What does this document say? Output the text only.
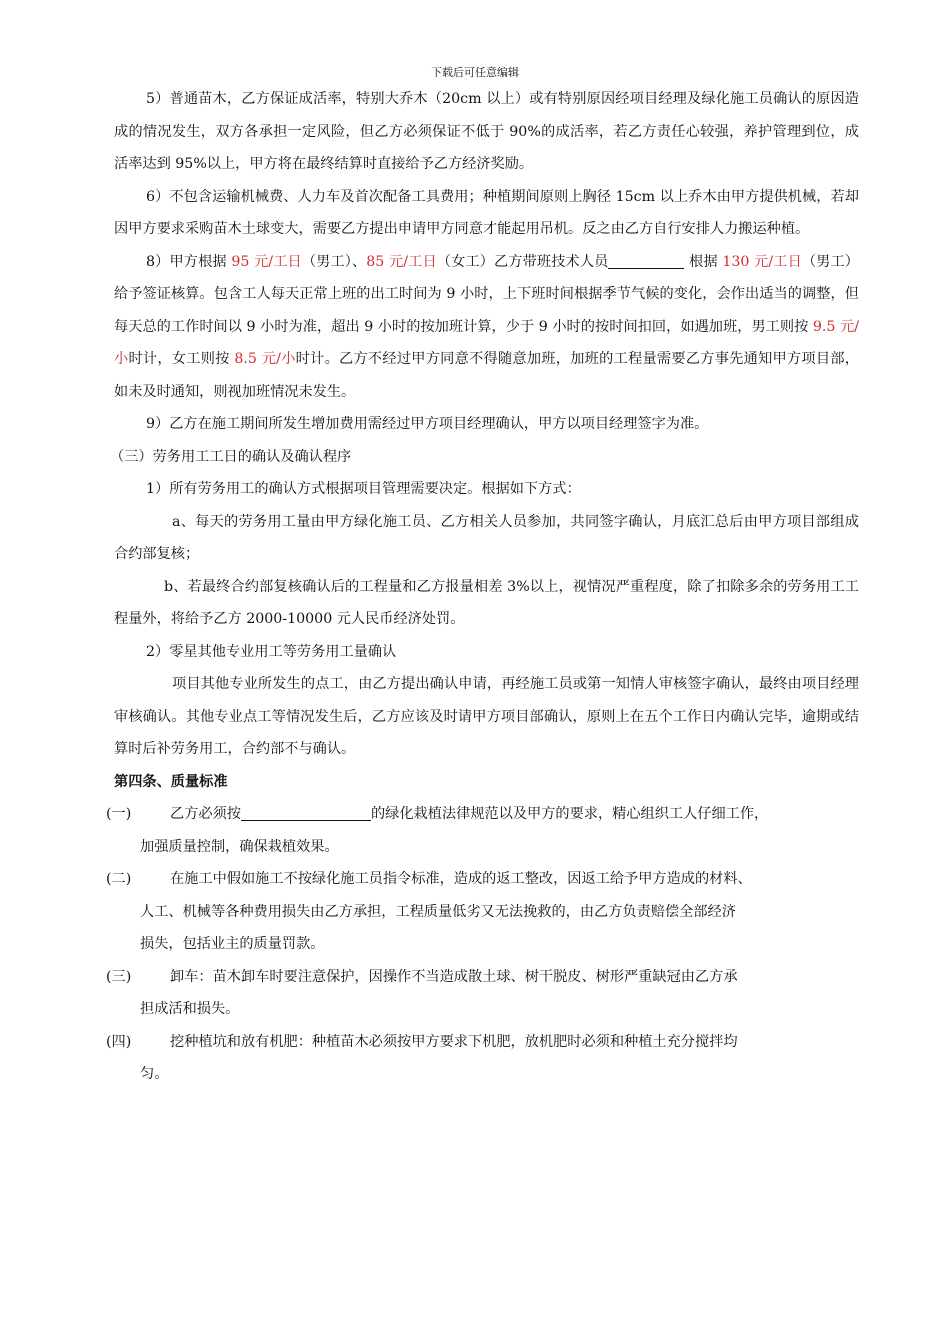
下载后可任意编辑

5）普通苗木，乙方保证成活率，特别大乔木（20cm 以上）或有特别原因经项目经理及绿化施工员确认的原因造成的情况发生，双方各承担一定风险，但乙方必须保证不低于 90%的成活率，若乙方责任心较强，养护管理到位，成活率达到 95%以上，甲方将在最终结算时直接给予乙方经济奖励。

6）不包含运输机械费、人力车及首次配备工具费用；种植期间原则上胸径 15cm 以上乔木由甲方提供机械，若却因甲方要求采购苗木土球变大，需要乙方提出申请甲方同意才能起用吊机。反之由乙方自行安排人力搬运种植。

8）甲方根据 95 元/工日（男工）、85 元/工日（女工）乙方带班技术人员	根据 130 元/工日（男工）给予签证核算。包含工人每天正常上班的出工时间为 9 小时，上下班时间根据季节气候的变化，会作出适当的调整，但每天总的工作时间以 9 小时为准，超出 9 小时的按加班计算，少于 9 小时的按时间扣回，如遇加班，男工则按 9.5 元/小时计，女工则按 8.5 元/小时计。乙方不经过甲方同意不得随意加班，加班的工程量需要乙方事先通知甲方项目部，如未及时通知，则视加班情况未发生。

9）乙方在施工期间所发生增加费用需经过甲方项目经理确认，甲方以项目经理签字为准。

（三）劳务用工工日的确认及确认程序

1）所有劳务用工的确认方式根据项目管理需要决定。根据如下方式：

a、每天的劳务用工量由甲方绿化施工员、乙方相关人员参加，共同签字确认，月底汇总后由甲方项目部组成合约部复核；

b、若最终合约部复核确认后的工程量和乙方报量相差 3%以上，视情况严重程度，除了扣除多余的劳务用工工程量外，将给予乙方 2000-10000 元人民币经济处罚。

2）零星其他专业用工等劳务用工量确认

项目其他专业所发生的点工，由乙方提出确认申请，再经施工员或第一知情人审核签字确认，最终由项目经理审核确认。其他专业点工等情况发生后，乙方应该及时请甲方项目部确认，原则上在五个工作日内确认完毕，逾期或结算时后补劳务用工，合约部不与确认。

第四条、质量标准

(一)	乙方必须按	的绿化栽植法律规范以及甲方的要求，精心组织工人仔细工作，

加强质量控制，确保栽植效果。

(二)	在施工中假如施工不按绿化施工员指令标准，造成的返工整改，因返工给予甲方造成的材料、

人工、机械等各种费用损失由乙方承担，工程质量低劣又无法挽救的，由乙方负责赔偿全部经济

损失，包括业主的质量罚款。

(三)	卸车：苗木卸车时要注意保护，因操作不当造成散土球、树干脱皮、树形严重缺冠由乙方承

担成活和损失。

(四)	挖种植坑和放有机肥：种植苗木必须按甲方要求下机肥，放机肥时必须和种植土充分搅拌均

匀。
